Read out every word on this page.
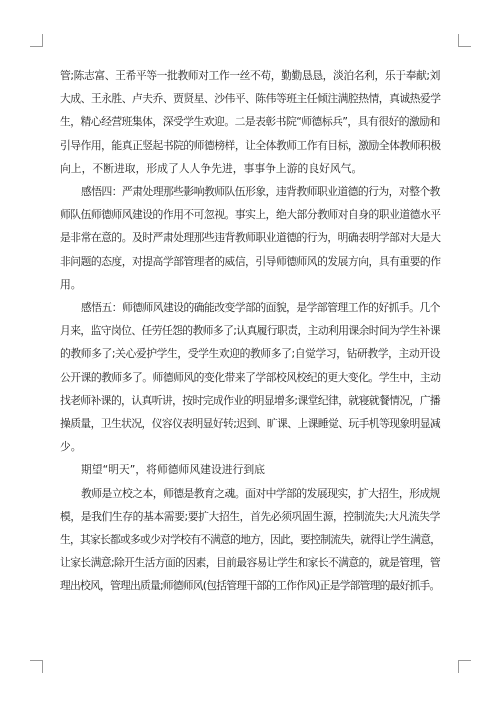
管;陈志富、王希平等一批教师对工作一丝不苟，勤勤恳恳，淡泊名利，乐于奉献;刘
大成、王永胜、卢夫乔、贾贤星、沙伟平、陈伟等班主任倾注满腔热情，真诚热爱学
生，精心经营班集体，深受学生欢迎。二是表彰书院“师德标兵”，具有很好的激励和
引导作用，能真正竖起书院的师德榜样，让全体教师工作有目标，激励全体教师积极
向上，不断进取，形成了人人争先进，事事争上游的良好风气。

感悟四：严肃处理那些影响教师队伍形象，违背教师职业道德的行为，对整个教
师队伍师德师风建设的作用不可忽视。事实上，绝大部分教师对自身的职业道德水平
是非常在意的。及时严肃处理那些违背教师职业道德的行为，明确表明学部对大是大
非问题的态度，对提高学部管理者的威信，引导师德师风的发展方向，具有重要的作
用。

感悟五：师德师风建设的确能改变学部的面貌，是学部管理工作的好抓手。几个
月来，监守岗位、任劳任怨的教师多了;认真履行职责，主动利用课余时间为学生补课
的教师多了;关心爱护学生，受学生欢迎的教师多了;自觉学习，钻研教学，主动开设
公开课的教师多了。师德师风的变化带来了学部校风校纪的更大变化。学生中，主动
找老师补课的，认真听讲，按时完成作业的明显增多;课堂纪律，就寝就餐情况，广播
操质量，卫生状况，仪容仪表明显好转;迟到、旷课、上课睡觉、玩手机等现象明显减
少。

期望“明天”，将师德师风建设进行到底

教师是立校之本，师德是教育之魂。面对中学部的发展现实，扩大招生，形成规
模，是我们生存的基本需要;要扩大招生，首先必须巩固生源，控制流失;大凡流失学
生，其家长都或多或少对学校有不满意的地方，因此，要控制流失，就得让学生满意，
让家长满意;除开生活方面的因素，目前最容易让学生和家长不满意的，就是管理，管
理出校风，管理出质量;师德师风(包括管理干部的工作作风)正是学部管理的最好抓手。
